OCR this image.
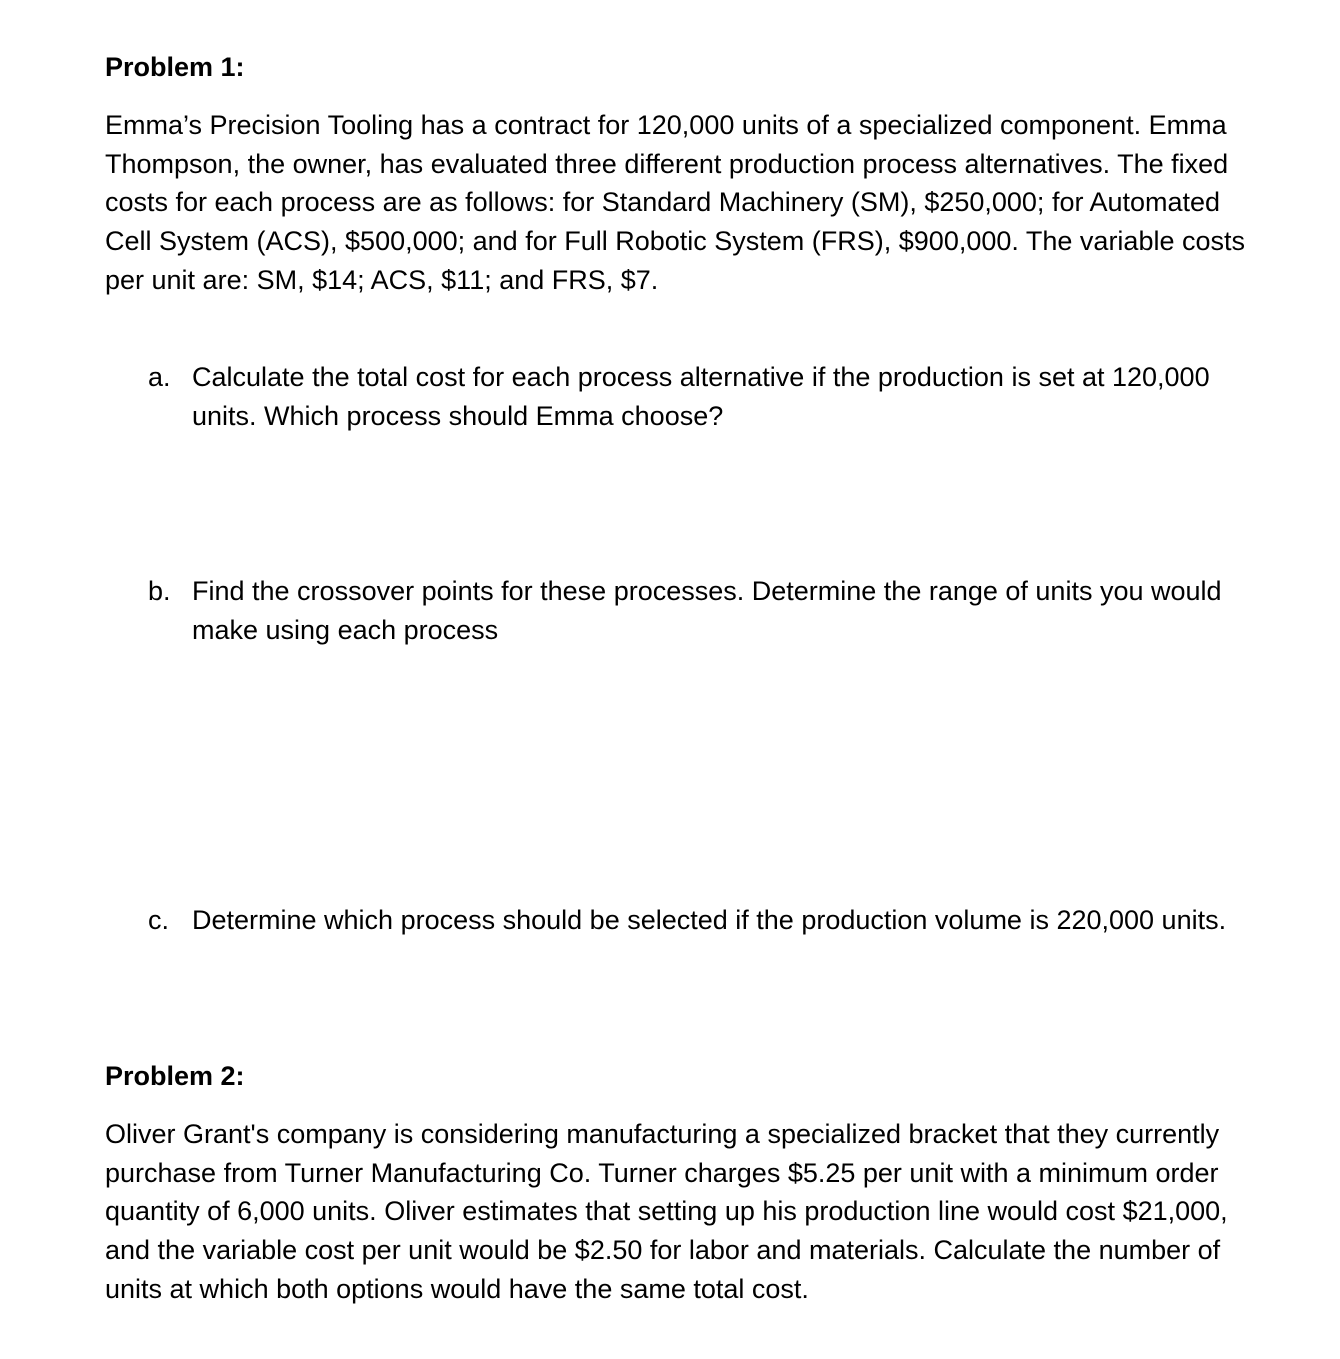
Problem 1:

Emma’s Precision Tooling has a contract for 120,000 units of a specialized component. Emma Thompson, the owner, has evaluated three different production process alternatives. The fixed costs for each process are as follows: for Standard Machinery (SM), $250,000; for Automated Cell System (ACS), $500,000; and for Full Robotic System (FRS), $900,000. The variable costs per unit are: SM, $14; ACS, $11; and FRS, $7.

a. Calculate the total cost for each process alternative if the production is set at 120,000 units. Which process should Emma choose?
b. Find the crossover points for these processes. Determine the range of units you would make using each process
c. Determine which process should be selected if the production volume is 220,000 units.
Problem 2:

Oliver Grant's company is considering manufacturing a specialized bracket that they currently purchase from Turner Manufacturing Co. Turner charges $5.25 per unit with a minimum order quantity of 6,000 units. Oliver estimates that setting up his production line would cost $21,000, and the variable cost per unit would be $2.50 for labor and materials. Calculate the number of units at which both options would have the same total cost.
